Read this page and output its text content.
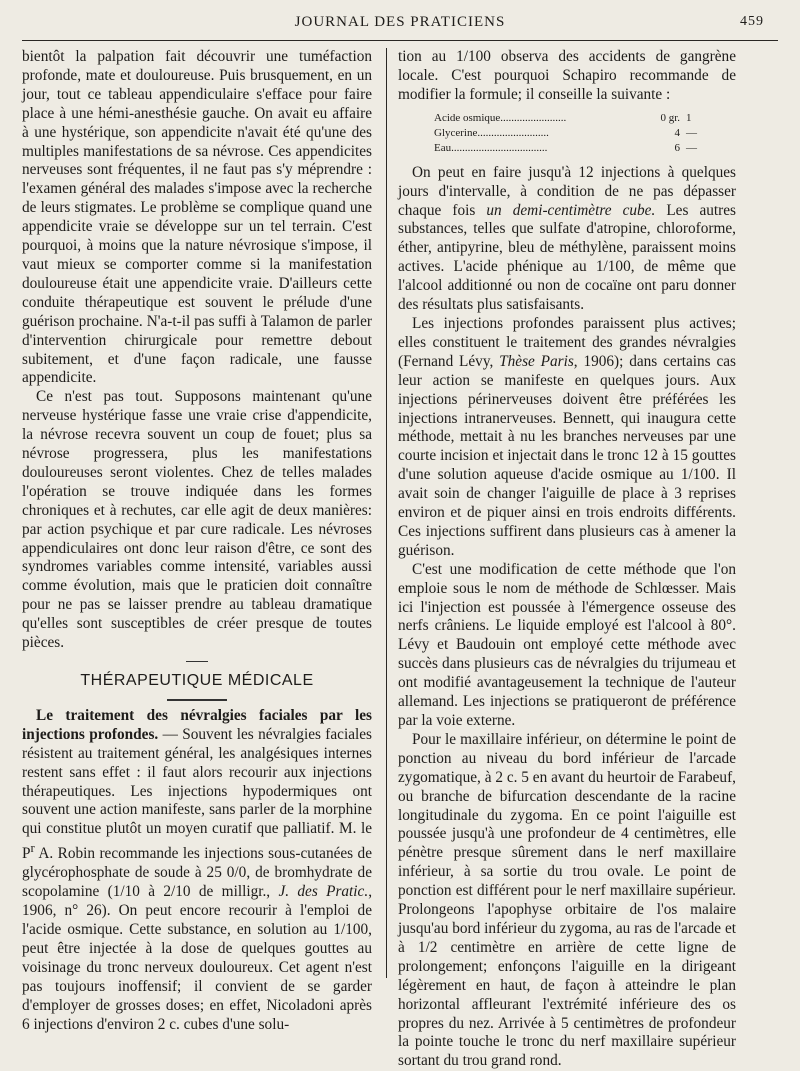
JOURNAL DES PRATICIENS	459

bientôt la palpation fait découvrir une tuméfaction profonde, mate et douloureuse. Puis brusquement, en un jour, tout ce tableau appendiculaire s'efface pour faire place à une hémi-anesthésie gauche. On avait eu affaire à une hystérique, son appendicite n'avait été qu'une des multiples manifestations de sa névrose. Ces appendicites nerveuses sont fréquentes, il ne faut pas s'y méprendre : l'examen général des malades s'impose avec la recherche de leurs stigmates. Le problème se complique quand une appendicite vraie se développe sur un tel terrain. C'est pourquoi, à moins que la nature névrosique s'impose, il vaut mieux se comporter comme si la manifestation douloureuse était une appendicite vraie. D'ailleurs cette conduite thérapeutique est souvent le prélude d'une guérison prochaine. N'a-t-il pas suffi à Talamon de parler d'intervention chirurgicale pour remettre debout subitement, et d'une façon radicale, une fausse appendicite.

Ce n'est pas tout. Supposons maintenant qu'une nerveuse hystérique fasse une vraie crise d'appendicite, la névrose recevra souvent un coup de fouet; plus sa névrose progressera, plus les manifestations douloureuses seront violentes. Chez de telles malades l'opération se trouve indiquée dans les formes chroniques et à rechutes, car elle agit de deux manières: par action psychique et par cure radicale. Les névroses appendiculaires ont donc leur raison d'être, ce sont des syndromes variables comme intensité, variables aussi comme évolution, mais que le praticien doit connaître pour ne pas se laisser prendre au tableau dramatique qu'elles sont susceptibles de créer presque de toutes pièces.

THÉRAPEUTIQUE MÉDICALE

Le traitement des névralgies faciales par les injections profondes. — Souvent les névralgies faciales résistent au traitement général, les analgésiques internes restent sans effet : il faut alors recourir aux injections thérapeutiques. Les injections hypodermiques ont souvent une action manifeste, sans parler de la morphine qui constitue plutôt un moyen curatif que palliatif. M. le $P^r$ A. Robin recommande les injections sous-cutanées de glycérophosphate de soude à 25 0/0, de bromhydrate de scopolamine (1/10 à 2/10 de milligr., J. des Pratic., 1906, n° 26). On peut encore recourir à l'emploi de l'acide osmique. Cette substance, en solution au 1/100, peut être injectée à la dose de quelques gouttes au voisinage du tronc nerveux douloureux. Cet agent n'est pas toujours inoffensif; il convient de se garder d'employer de grosses doses; en effet, Nicoladoni après 6 injections d'environ 2 c. cubes d'une solu-

tion au 1/100 observa des accidents de gangrène locale. C'est pourquoi Schapiro recommande de modifier la formule; il conseille la suivante :

Acide osmique........................	0 gr. 1
Glycerine..........................	4 —
Eau...................................	6 —

On peut en faire jusqu'à 12 injections à quelques jours d'intervalle, à condition de ne pas dépasser chaque fois un demi-centimètre cube. Les autres substances, telles que sulfate d'atropine, chloroforme, éther, antipyrine, bleu de méthylène, paraissent moins actives. L'acide phénique au 1/100, de même que l'alcool additionné ou non de cocaïne ont paru donner des résultats plus satisfaisants.

Les injections profondes paraissent plus actives; elles constituent le traitement des grandes névralgies (Fernand Lévy, Thèse Paris, 1906); dans certains cas leur action se manifeste en quelques jours. Aux injections périnerveuses doivent être préférées les injections intranerveuses. Bennett, qui inaugura cette méthode, mettait à nu les branches nerveuses par une courte incision et injectait dans le tronc 12 à 15 gouttes d'une solution aqueuse d'acide osmique au 1/100. Il avait soin de changer l'aiguille de place à 3 reprises environ et de piquer ainsi en trois endroits différents. Ces injections suffirent dans plusieurs cas à amener la guérison.

C'est une modification de cette méthode que l'on emploie sous le nom de méthode de Schlœsser. Mais ici l'injection est poussée à l'émergence osseuse des nerfs crâniens. Le liquide employé est l'alcool à 80°. Lévy et Baudouin ont employé cette méthode avec succès dans plusieurs cas de névralgies du trijumeau et ont modifié avantageusement la technique de l'auteur allemand. Les injections se pratiqueront de préférence par la voie externe.

Pour le maxillaire inférieur, on détermine le point de ponction au niveau du bord inférieur de l'arcade zygomatique, à 2 c. 5 en avant du heurtoir de Farabeuf, ou branche de bifurcation descendante de la racine longitudinale du zygoma. En ce point l'aiguille est poussée jusqu'à une profondeur de 4 centimètres, elle pénètre presque sûrement dans le nerf maxillaire inférieur, à sa sortie du trou ovale. Le point de ponction est différent pour le nerf maxillaire supérieur. Prolongeons l'apophyse orbitaire de l'os malaire jusqu'au bord inférieur du zygoma, au ras de l'arcade et à 1/2 centimètre en arrière de cette ligne de prolongement; enfonçons l'aiguille en la dirigeant légèrement en haut, de façon à atteindre le plan horizontal affleurant l'extrémité inférieure des os propres du nez. Arrivée à 5 centimètres de profondeur la pointe touche le tronc du nerf maxillaire supérieur sortant du trou grand rond.
